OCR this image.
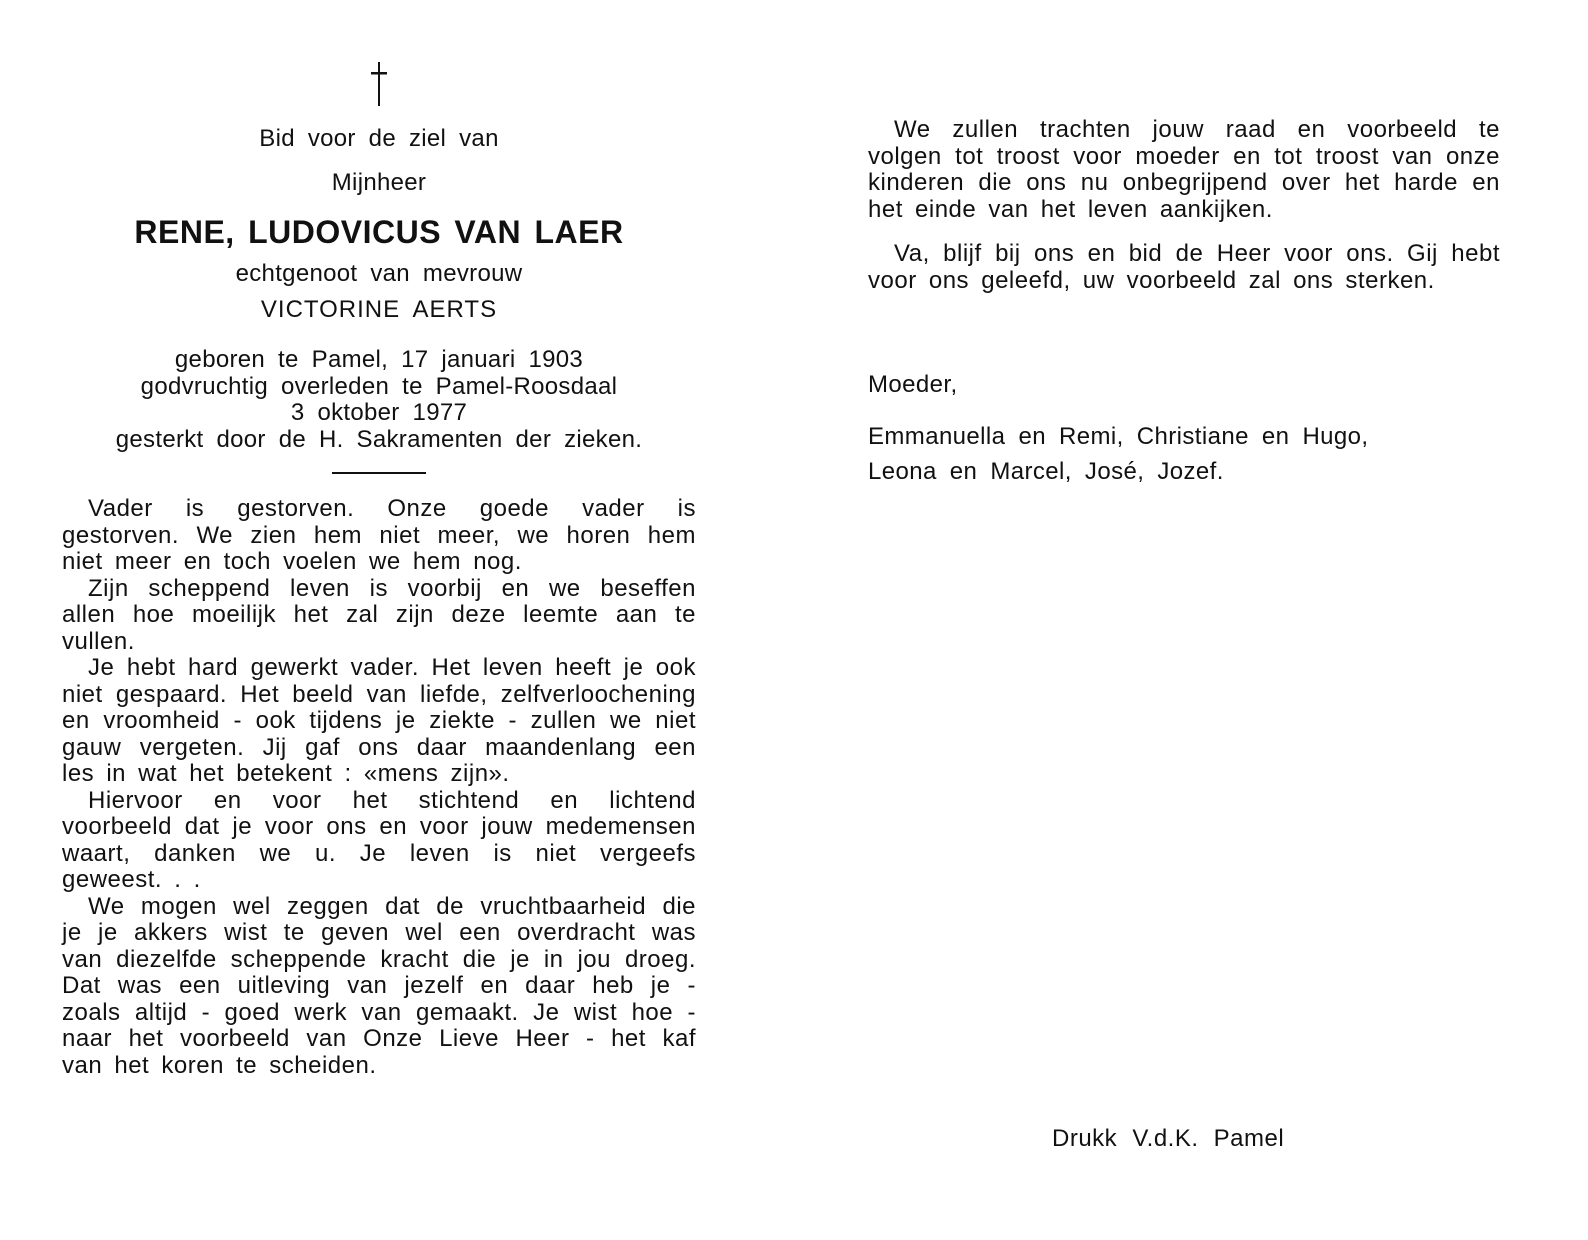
Bid voor de ziel van
Mijnheer
RENE, LUDOVICUS VAN LAER
echtgenoot van mevrouw
VICTORINE AERTS
geboren te Pamel, 17 januari 1903
godvruchtig overleden te Pamel-Roosdaal
3 oktober 1977
gesterkt door de H. Sakramenten der zieken.

Vader is gestorven. Onze goede vader is gestorven. We zien hem niet meer, we horen hem niet meer en toch voelen we hem nog.

Zijn scheppend leven is voorbij en we beseffen allen hoe moeilijk het zal zijn deze leemte aan te vullen.

Je hebt hard gewerkt vader. Het leven heeft je ook niet gespaard. Het beeld van liefde, zelfverloochening en vroomheid - ook tijdens je ziekte - zullen we niet gauw vergeten. Jij gaf ons daar maandenlang een les in wat het betekent : «mens zijn».

Hiervoor en voor het stichtend en lichtend voorbeeld dat je voor ons en voor jouw medemensen waart, danken we u. Je leven is niet vergeefs geweest. . .

We mogen wel zeggen dat de vruchtbaarheid die je je akkers wist te geven wel een overdracht was van diezelfde scheppende kracht die je in jou droeg. Dat was een uitleving van jezelf en daar heb je - zoals altijd - goed werk van gemaakt. Je wist hoe - naar het voorbeeld van Onze Lieve Heer - het kaf van het koren te scheiden.

We zullen trachten jouw raad en voorbeeld te volgen tot troost voor moeder en tot troost van onze kinderen die ons nu onbegrijpend over het harde en het einde van het leven aankijken.

Va, blijf bij ons en bid de Heer voor ons. Gij hebt voor ons geleefd, uw voorbeeld zal ons sterken.

Moeder,
Emmanuella en Remi, Christiane en Hugo,
Leona en Marcel, José, Jozef.
Drukk V.d.K. Pamel
